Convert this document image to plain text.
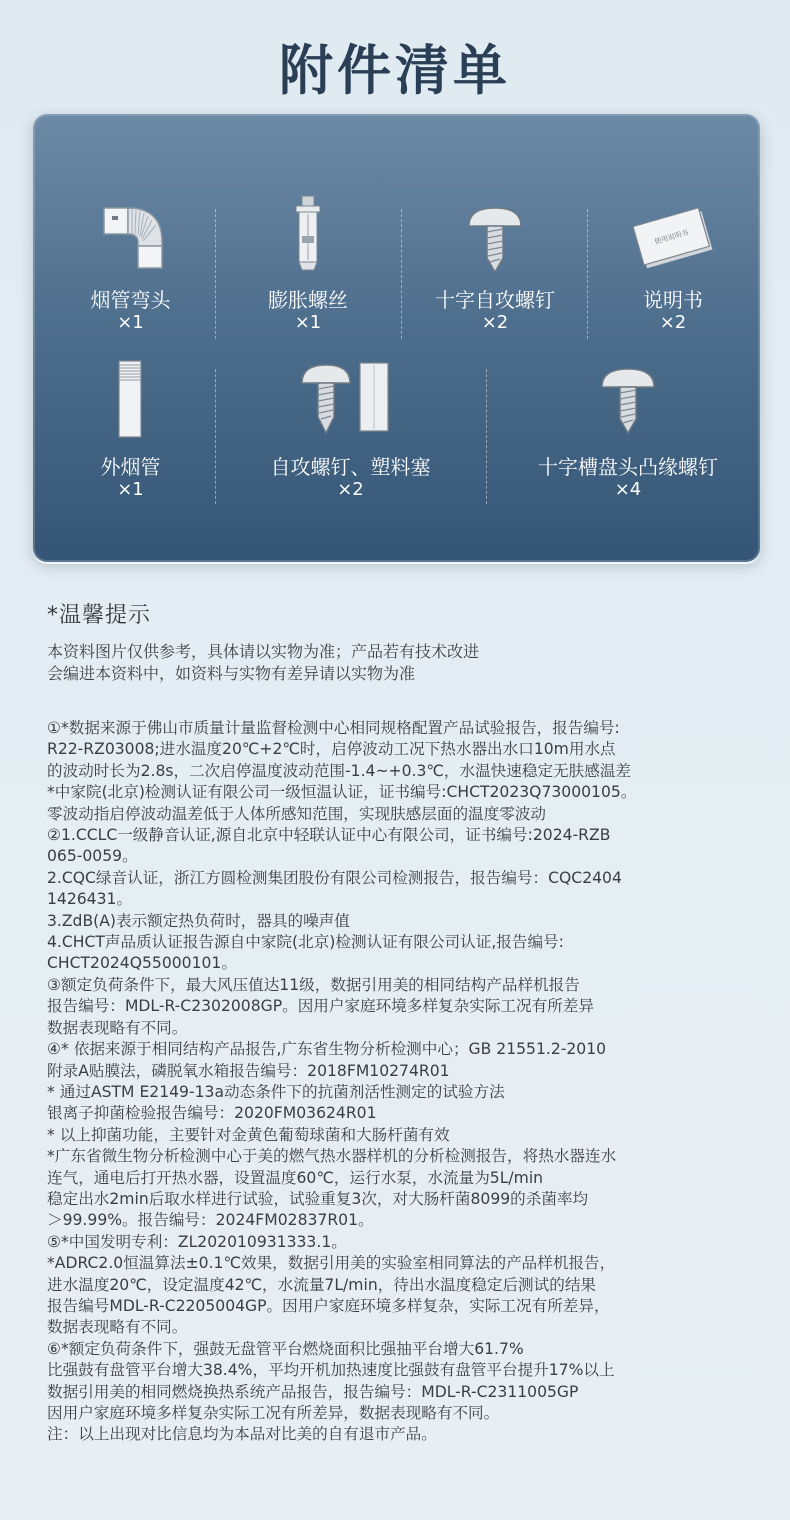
附件清单
烟管弯头
×1
膨胀螺丝
×1
十字自攻螺钉
×2
使用说明书
说明书
×2
外烟管
×1
自攻螺钉、塑料塞
×2
十字槽盘头凸缘螺钉
×4
*温馨提示
本资料图片仅供参考，具体请以实物为准；产品若有技术改进
会编进本资料中，如资料与实物有差异请以实物为准
①*数据来源于佛山市质量计量监督检测中心相同规格配置产品试验报告，报告编号:
R22-RZ03008;进水温度20℃+2℃时，启停波动工况下热水器出水口10m用水点
的波动时长为2.8s，二次启停温度波动范围-1.4~+0.3℃，水温快速稳定无肤感温差
*中家院(北京)检测认证有限公司一级恒温认证，证书编号:CHCT2023Q73000105。
零波动指启停波动温差低于人体所感知范围，实现肤感层面的温度零波动
②1.CCLC一级静音认证,源自北京中轻联认证中心有限公司，证书编号:2024-RZB
065-0059。
2.CQC绿音认证，浙江方圆检测集团股份有限公司检测报告，报告编号：CQC2404
1426431。
3.ZdB(A)表示额定热负荷时，器具的噪声值
4.CHCT声品质认证报告源自中家院(北京)检测认证有限公司认证,报告编号:
CHCT2024Q55000101。
③额定负荷条件下，最大风压值达11级，数据引用美的相同结构产品样机报告
报告编号：MDL-R-C2302008GP。因用户家庭环境多样复杂实际工况有所差异
数据表现略有不同。
④* 依据来源于相同结构产品报告,广东省生物分析检测中心；GB 21551.2-2010
附录A贴膜法，磷脱氧水箱报告编号：2018FM10274R01
* 通过ASTM E2149-13a动态条件下的抗菌剂活性测定的试验方法
银离子抑菌检验报告编号：2020FM03624R01
* 以上抑菌功能，主要针对金黄色葡萄球菌和大肠杆菌有效
*广东省微生物分析检测中心于美的燃气热水器样机的分析检测报告，将热水器连水
连气，通电后打开热水器，设置温度60℃，运行水泵，水流量为5L/min
稳定出水2min后取水样进行试验，试验重复3次，对大肠杆菌8099的杀菌率均
＞99.99%。报告编号：2024FM02837R01。
⑤*中国发明专利：ZL202010931333.1。
*ADRC2.0恒温算法±0.1℃效果，数据引用美的实验室相同算法的产品样机报告，
进水温度20℃，设定温度42℃，水流量7L/min，待出水温度稳定后测试的结果
报告编号MDL-R-C2205004GP。因用户家庭环境多样复杂，实际工况有所差异，
数据表现略有不同。
⑥*额定负荷条件下，强鼓无盘管平台燃烧面积比强抽平台增大61.7%
比强鼓有盘管平台增大38.4%，平均开机加热速度比强鼓有盘管平台提升17%以上
数据引用美的相同燃烧换热系统产品报告，报告编号：MDL-R-C2311005GP
因用户家庭环境多样复杂实际工况有所差异，数据表现略有不同。
注：以上出现对比信息均为本品对比美的自有退市产品。
